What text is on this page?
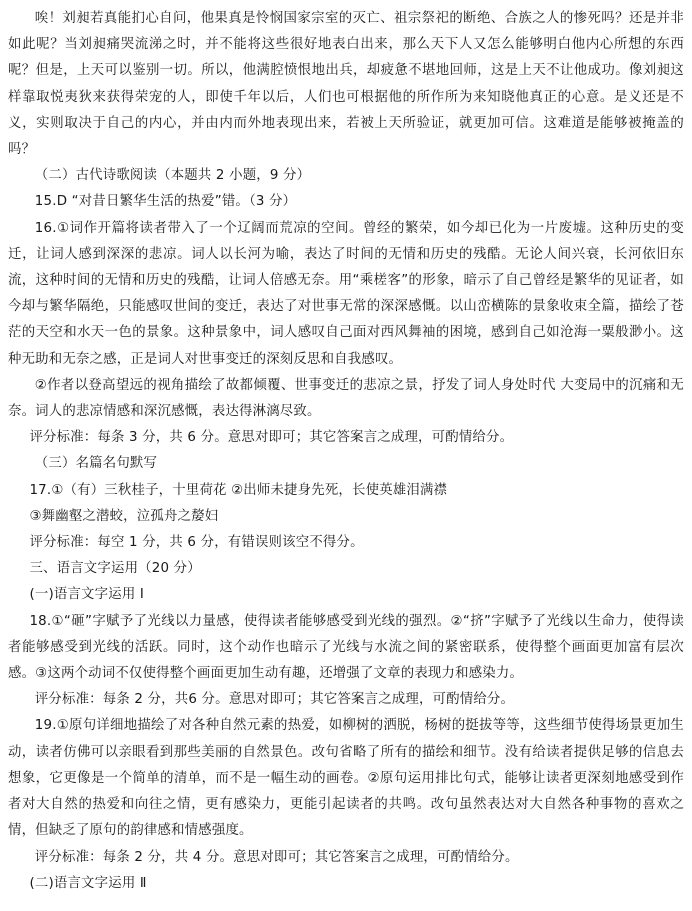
唉！刘昶若真能扪心自问，他果真是怜悯国家宗室的灭亡、祖宗祭祀的断绝、合族之人的惨死吗？还是并非如此呢？当刘昶痛哭流涕之时，并不能将这些很好地表白出来，那么天下人又怎么能够明白他内心所想的东西呢？但是，上天可以鉴别一切。所以，他满腔愤恨地出兵，却疲惫不堪地回师，这是上天不让他成功。像刘昶这样靠取悦夷狄来获得荣宠的人，即使千年以后，人们也可根据他的所作所为来知晓他真正的心意。是义还是不义，实则取决于自己的内心，并由内而外地表现出来，若被上天所验证，就更加可信。这难道是能够被掩盖的吗？

（二）古代诗歌阅读（本题共 2 小题，9 分）

15.D “对昔日繁华生活的热爱”错。（3 分）

16.①词作开篇将读者带入了一个辽阔而荒凉的空间。曾经的繁荣，如今却已化为一片废墟。这种历史的变迁，让词人感到深深的悲凉。词人以长河为喻，表达了时间的无情和历史的残酷。无论人间兴衰，长河依旧东流，这种时间的无情和历史的残酷，让词人倍感无奈。用“乘槎客”的形象，暗示了自己曾经是繁华的见证者，如今却与繁华隔绝，只能感叹世间的变迁，表达了对世事无常的深深感慨。以山峦横陈的景象收束全篇，描绘了苍茫的天空和水天一色的景象。这种景象中，词人感叹自己面对西风舞袖的困境，感到自己如沧海一粟般渺小。这种无助和无奈之感，正是词人对世事变迁的深刻反思和自我感叹。

②作者以登高望远的视角描绘了故都倾覆、世事变迁的悲凉之景，抒发了词人身处时代 大变局中的沉痛和无奈。词人的悲凉情感和深沉感慨，表达得淋漓尽致。

评分标准：每条 3 分，共 6 分。意思对即可；其它答案言之成理，可酌情给分。

（三）名篇名句默写

17.①（有）三秋桂子，十里荷花 ②出师未捷身先死，长使英雄泪满襟

③舞幽壑之潜蛟，泣孤舟之嫠妇

评分标准：每空 1 分，共 6 分，有错误则该空不得分。

三、语言文字运用（20 分）

(一)语言文字运用 Ⅰ

18.①“砸”字赋予了光线以力量感，使得读者能够感受到光线的强烈。②“挤”字赋予了光线以生命力，使得读者能够感受到光线的活跃。同时，这个动作也暗示了光线与水流之间的紧密联系，使得整个画面更加富有层次感。③这两个动词不仅使得整个画面更加生动有趣，还增强了文章的表现力和感染力。

评分标准：每条 2 分，共6 分。意思对即可；其它答案言之成理，可酌情给分。

19.①原句详细地描绘了对各种自然元素的热爱，如柳树的洒脱，杨树的挺拔等等，这些细节使得场景更加生动，读者仿佛可以亲眼看到那些美丽的自然景色。改句省略了所有的描绘和细节。没有给读者提供足够的信息去想象，它更像是一个简单的清单，而不是一幅生动的画卷。②原句运用排比句式，能够让读者更深刻地感受到作者对大自然的热爱和向往之情，更有感染力，更能引起读者的共鸣。改句虽然表达对大自然各种事物的喜欢之情，但缺乏了原句的韵律感和情感强度。

评分标准：每条 2 分，共 4 分。意思对即可；其它答案言之成理，可酌情给分。

(二)语言文字运用 Ⅱ
